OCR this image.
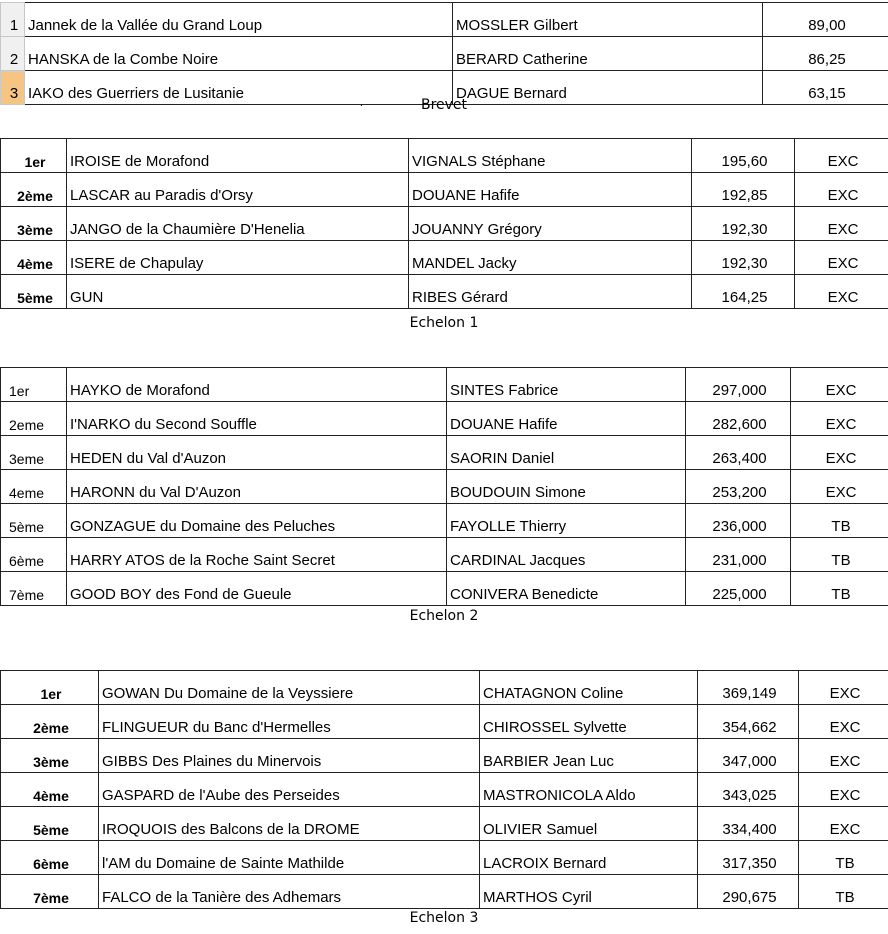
1	Jannek de la Vallée du Grand Loup	MOSSLER Gilbert	89,00
2	HANSKA de la Combe Noire	BERARD Catherine	86,25
3	IAKO des Guerriers de Lusitanie	DAGUE Bernard	63,15
.	Brevet
1er	IROISE de Morafond	VIGNALS Stéphane	195,60	EXC
2ème	LASCAR au Paradis d'Orsy	DOUANE Hafife	192,85	EXC
3ème	JANGO de la Chaumière D'Henelia	JOUANNY Grégory	192,30	EXC
4ème	ISERE de Chapulay	MANDEL Jacky	192,30	EXC
5ème	GUN	RIBES Gérard	164,25	EXC
Echelon 1
1er	HAYKO de Morafond	SINTES Fabrice	297,000	EXC
2eme	I'NARKO du Second Souffle	DOUANE Hafife	282,600	EXC
3eme	HEDEN du Val d'Auzon	SAORIN Daniel	263,400	EXC
4eme	HARONN du Val D'Auzon	BOUDOUIN Simone	253,200	EXC
5ème	GONZAGUE du Domaine des Peluches	FAYOLLE Thierry	236,000	TB
6ème	HARRY ATOS de la Roche Saint Secret	CARDINAL Jacques	231,000	TB
7ème	GOOD BOY des Fond de Gueule	CONIVERA Benedicte	225,000	TB
Echelon 2
1er	GOWAN Du Domaine de la Veyssiere	CHATAGNON Coline	369,149	EXC
2ème	FLINGUEUR du Banc d'Hermelles	CHIROSSEL Sylvette	354,662	EXC
3ème	GIBBS Des Plaines du Minervois	BARBIER Jean Luc	347,000	EXC
4ème	GASPARD de l'Aube des Perseides	MASTRONICOLA Aldo	343,025	EXC
5ème	IROQUOIS des Balcons de la DROME	OLIVIER Samuel	334,400	EXC
6ème	l'AM du Domaine de Sainte Mathilde	LACROIX Bernard	317,350	TB
7ème	FALCO de la Tanière des Adhemars	MARTHOS Cyril	290,675	TB
Echelon 3
